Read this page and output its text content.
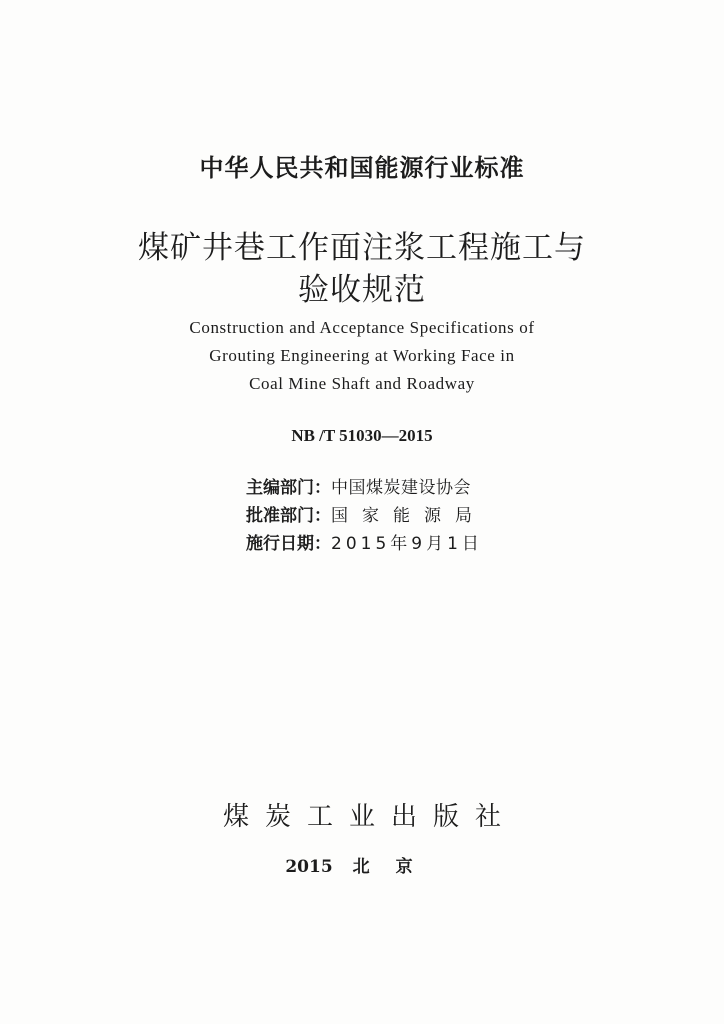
中华人民共和国能源行业标准
煤矿井巷工作面注浆工程施工与
验收规范
Construction and Acceptance Specifications of
Grouting Engineering at Working Face in
Coal Mine Shaft and Roadway
NB /T 51030—2015
主编部门：中国煤炭建设协会
批准部门：国家能源局
施行日期：2015年9月1日
煤炭工业出版社
2015 北京
